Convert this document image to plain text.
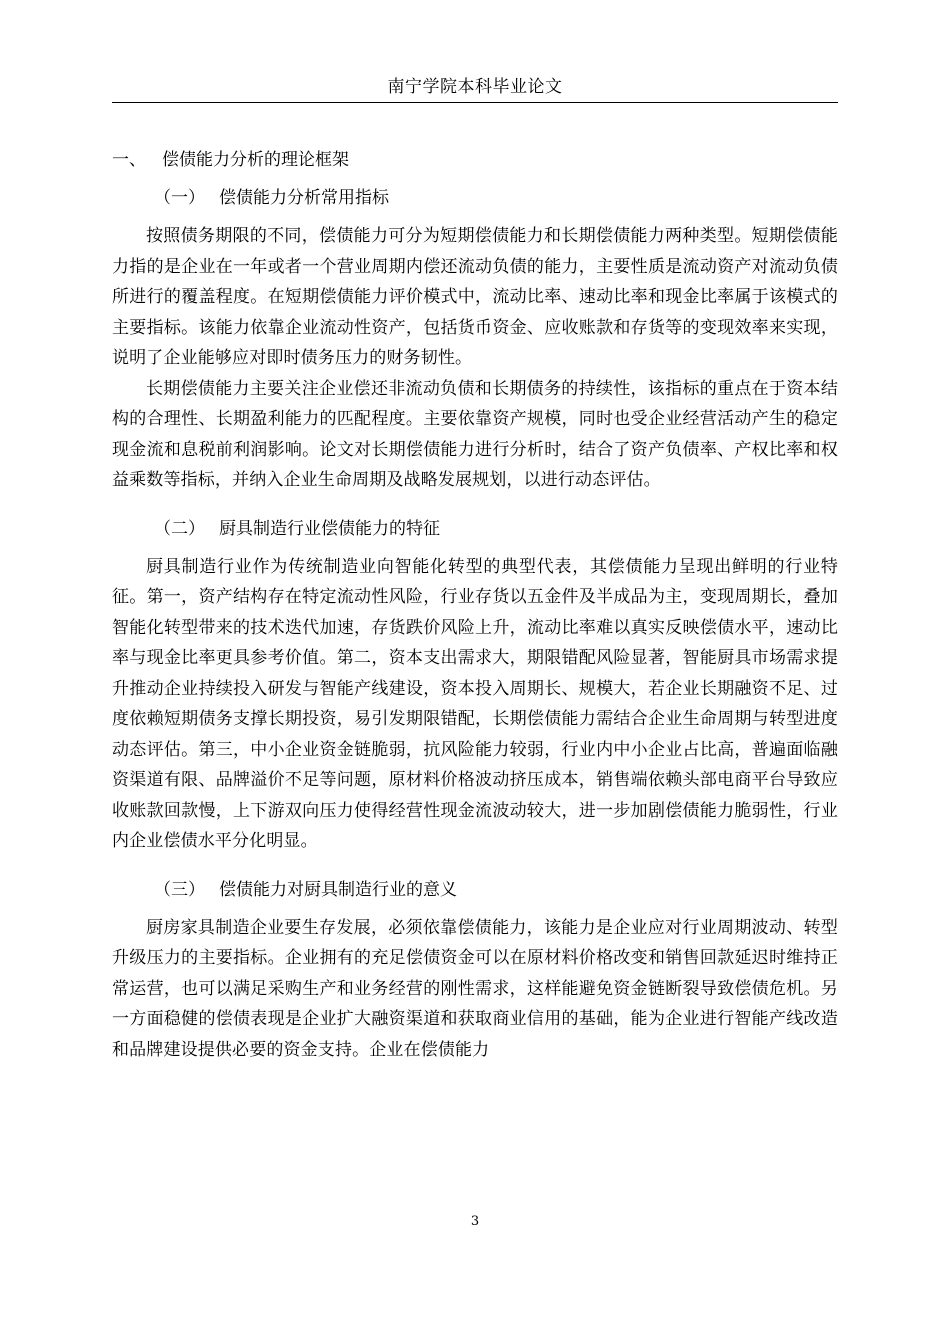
南宁学院本科毕业论文
一、 偿债能力分析的理论框架
（一） 偿债能力分析常用指标

按照债务期限的不同，偿债能力可分为短期偿债能力和长期偿债能力两种类型。短期偿债能力指的是企业在一年或者一个营业周期内偿还流动负债的能力，主要性质是流动资产对流动负债所进行的覆盖程度。在短期偿债能力评价模式中，流动比率、速动比率和现金比率属于该模式的主要指标。该能力依靠企业流动性资产，包括货币资金、应收账款和存货等的变现效率来实现，说明了企业能够应对即时债务压力的财务韧性。

长期偿债能力主要关注企业偿还非流动负债和长期债务的持续性，该指标的重点在于资本结构的合理性、长期盈利能力的匹配程度。主要依靠资产规模，同时也受企业经营活动产生的稳定现金流和息税前利润影响。论文对长期偿债能力进行分析时，结合了资产负债率、产权比率和权益乘数等指标，并纳入企业生命周期及战略发展规划，以进行动态评估。

（二） 厨具制造行业偿债能力的特征

厨具制造行业作为传统制造业向智能化转型的典型代表，其偿债能力呈现出鲜明的行业特征。第一，资产结构存在特定流动性风险，行业存货以五金件及半成品为主，变现周期长，叠加智能化转型带来的技术迭代加速，存货跌价风险上升，流动比率难以真实反映偿债水平，速动比率与现金比率更具参考价值。第二，资本支出需求大，期限错配风险显著，智能厨具市场需求提升推动企业持续投入研发与智能产线建设，资本投入周期长、规模大，若企业长期融资不足、过度依赖短期债务支撑长期投资，易引发期限错配，长期偿债能力需结合企业生命周期与转型进度动态评估。第三，中小企业资金链脆弱，抗风险能力较弱，行业内中小企业占比高，普遍面临融资渠道有限、品牌溢价不足等问题，原材料价格波动挤压成本，销售端依赖头部电商平台导致应收账款回款慢，上下游双向压力使得经营性现金流波动较大，进一步加剧偿债能力脆弱性，行业内企业偿债水平分化明显。

（三） 偿债能力对厨具制造行业的意义

厨房家具制造企业要生存发展，必须依靠偿债能力，该能力是企业应对行业周期波动、转型升级压力的主要指标。企业拥有的充足偿债资金可以在原材料价格改变和销售回款延迟时维持正常运营，也可以满足采购生产和业务经营的刚性需求，这样能避免资金链断裂导致偿债危机。另一方面稳健的偿债表现是企业扩大融资渠道和获取商业信用的基础，能为企业进行智能产线改造和品牌建设提供必要的资金支持。企业在偿债能力

3
